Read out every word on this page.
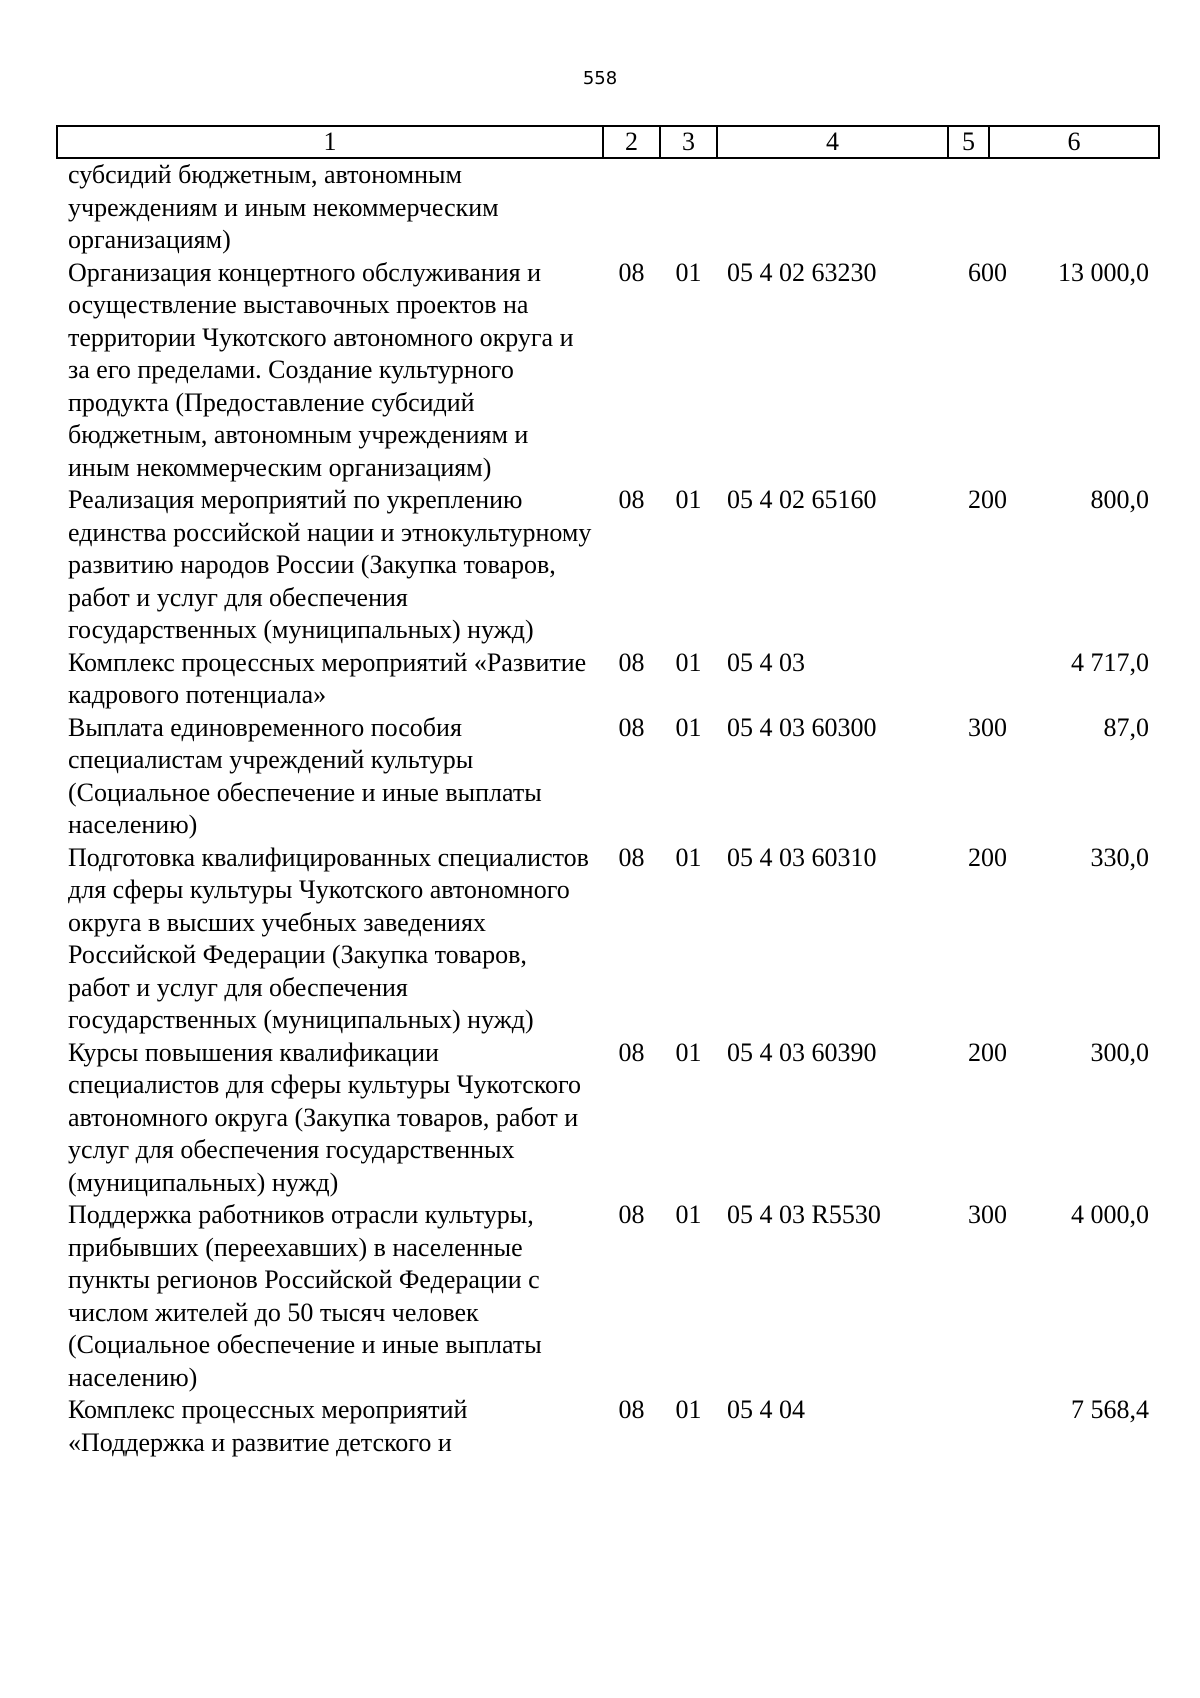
558
1	2	3	4	5	6
субсидий бюджетным, автономным учреждениям и иным некоммерческим организациям)					
Организация концертного обслуживания и осуществление выставочных проектов на территории Чукотского автономного округа и за его пределами. Создание культурного продукта (Предоставление субсидий бюджетным, автономным учреждениям и иным некоммерческим организациям)	08	01	05 4 02 63230	600	13 000,0
Реализация мероприятий по укреплению единства российской нации и этнокультурному развитию народов России (Закупка товаров, работ и услуг для обеспечения государственных (муниципальных) нужд)	08	01	05 4 02 65160	200	800,0
Комплекс процессных мероприятий «Развитие кадрового потенциала»	08	01	05 4 03		4 717,0
Выплата единовременного пособия специалистам учреждений культуры (Социальное обеспечение и иные выплаты населению)	08	01	05 4 03 60300	300	87,0
Подготовка квалифицированных специалистов для сферы культуры Чукотского автономного округа в высших учебных заведениях Российской Федерации (Закупка товаров, работ и услуг для обеспечения государственных (муниципальных) нужд)	08	01	05 4 03 60310	200	330,0
Курсы повышения квалификации специалистов для сферы культуры Чукотского автономного округа (Закупка товаров, работ и услуг для обеспечения государственных (муниципальных) нужд)	08	01	05 4 03 60390	200	300,0
Поддержка работников отрасли культуры, прибывших (переехавших) в населенные пункты регионов Российской Федерации с числом жителей до 50 тысяч человек (Социальное обеспечение и иные выплаты населению)	08	01	05 4 03 R5530	300	4 000,0
Комплекс процессных мероприятий «Поддержка и развитие детского и	08	01	05 4 04		7 568,4
